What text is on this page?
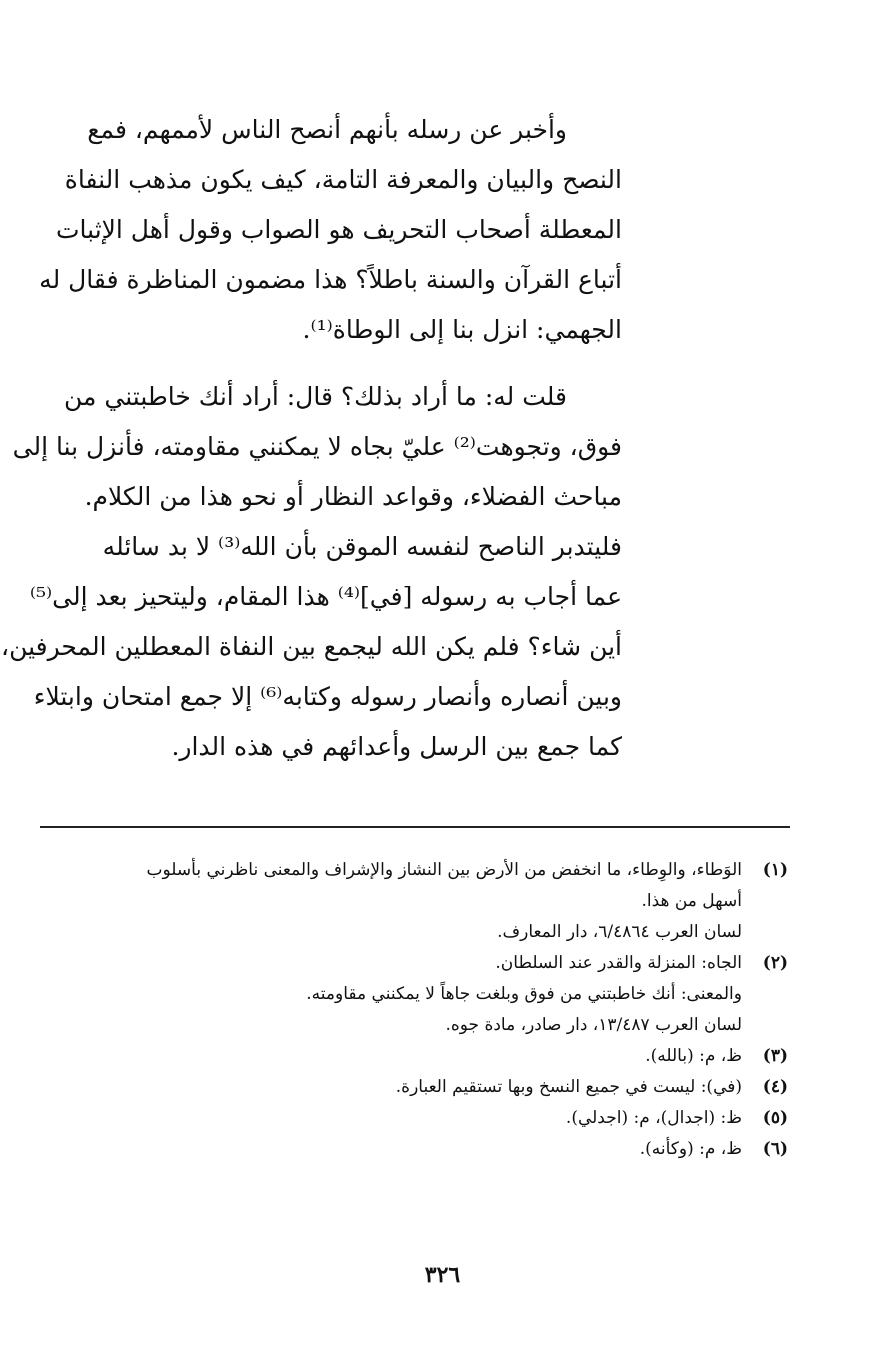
وأخبر عن رسله بأنهم أنصح الناس لأممهم، فمع
النصح والبيان والمعرفة التامة، كيف يكون مذهب النفاة
المعطلة أصحاب التحريف هو الصواب وقول أهل الإثبات
أتباع القرآن والسنة باطلاً؟ هذا مضمون المناظرة فقال له
الجهمي: انزل بنا إلى الوطاة⁽¹⁾.
قلت له: ما أراد بذلك؟ قال: أراد أنك خاطبتني من
فوق، وتجوهت⁽²⁾ عليّ بجاه لا يمكنني مقاومته، فأنزل بنا إلى
مباحث الفضلاء، وقواعد النظار أو نحو هذا من الكلام.
فليتدبر الناصح لنفسه الموقن بأن الله⁽³⁾ لا بد سائله
عما أجاب به رسوله [في]⁽⁴⁾ هذا المقام، وليتحيز بعد إلى⁽⁵⁾
أين شاء؟ فلم يكن الله ليجمع بين النفاة المعطلين المحرفين،
وبين أنصاره وأنصار رسوله وكتابه⁽⁶⁾ إلا جمع امتحان وابتلاء
كما جمع بين الرسل وأعدائهم في هذه الدار.
(١)الوَطاء، والوِطاء، ما انخفض من الأرض بين النشاز والإشراف والمعنى ناظرني بأسلوب
أسهل من هذا.
لسان العرب ٦/٤٨٦٤، دار المعارف.
(٢)الجاه: المنزلة والقدر عند السلطان.
والمعنى: أنك خاطبتني من فوق وبلغت جاهاً لا يمكنني مقاومته.
لسان العرب ١٣/٤٨٧، دار صادر، مادة جوه.
(٣)ظ، م: (بالله).
(٤)(في): ليست في جميع النسخ وبها تستقيم العبارة.
(٥)ظ: (اجدال)، م: (اجدلي).
(٦)ظ، م: (وكأنه).
٣٢٦
